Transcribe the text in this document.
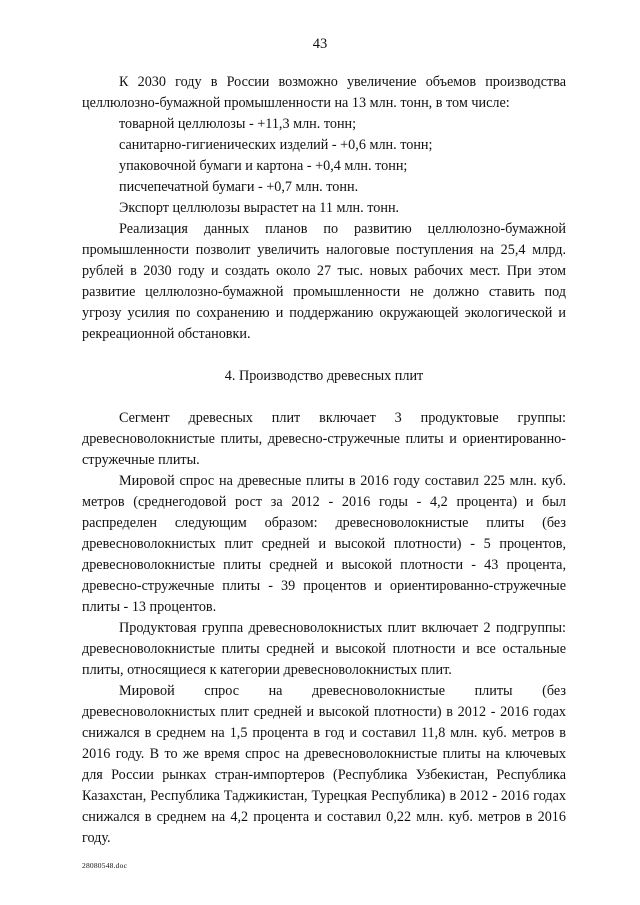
43

К 2030 году в России возможно увеличение объемов производства целлюлозно-бумажной промышленности на 13 млн. тонн, в том числе:

товарной целлюлозы - +11,3 млн. тонн;

санитарно-гигиенических изделий - +0,6 млн. тонн;

упаковочной бумаги и картона - +0,4 млн. тонн;

писчепечатной бумаги - +0,7 млн. тонн.

Экспорт целлюлозы вырастет на 11 млн. тонн.

Реализация данных планов по развитию целлюлозно-бумажной промышленности позволит увеличить налоговые поступления на 25,4 млрд. рублей в 2030 году и создать около 27 тыс. новых рабочих мест. При этом развитие целлюлозно-бумажной промышленности не должно ставить под угрозу усилия по сохранению и поддержанию окружающей экологической и рекреационной обстановки.

4. Производство древесных плит

Сегмент древесных плит включает 3 продуктовые группы: древесноволокнистые плиты, древесно-стружечные плиты и ориентированно-стружечные плиты.

Мировой спрос на древесные плиты в 2016 году составил 225 млн. куб. метров (среднегодовой рост за 2012 - 2016 годы - 4,2 процента) и был распределен следующим образом: древесноволокнистые плиты (без древесноволокнистых плит средней и высокой плотности) - 5 процентов, древесноволокнистые плиты средней и высокой плотности - 43 процента, древесно-стружечные плиты - 39 процентов и ориентированно-стружечные плиты - 13 процентов.

Продуктовая группа древесноволокнистых плит включает 2 подгруппы: древесноволокнистые плиты средней и высокой плотности и все остальные плиты, относящиеся к категории древесноволокнистых плит.

Мировой спрос на древесноволокнистые плиты (без древесноволокнистых плит средней и высокой плотности) в 2012 - 2016 годах снижался в среднем на 1,5 процента в год и составил 11,8 млн. куб. метров в 2016 году. В то же время спрос на древесноволокнистые плиты на ключевых для России рынках стран-импортеров (Республика Узбекистан, Республика Казахстан, Республика Таджикистан, Турецкая Республика) в 2012 - 2016 годах снижался в среднем на 4,2 процента и составил 0,22 млн. куб. метров в 2016 году.

28080548.doc
